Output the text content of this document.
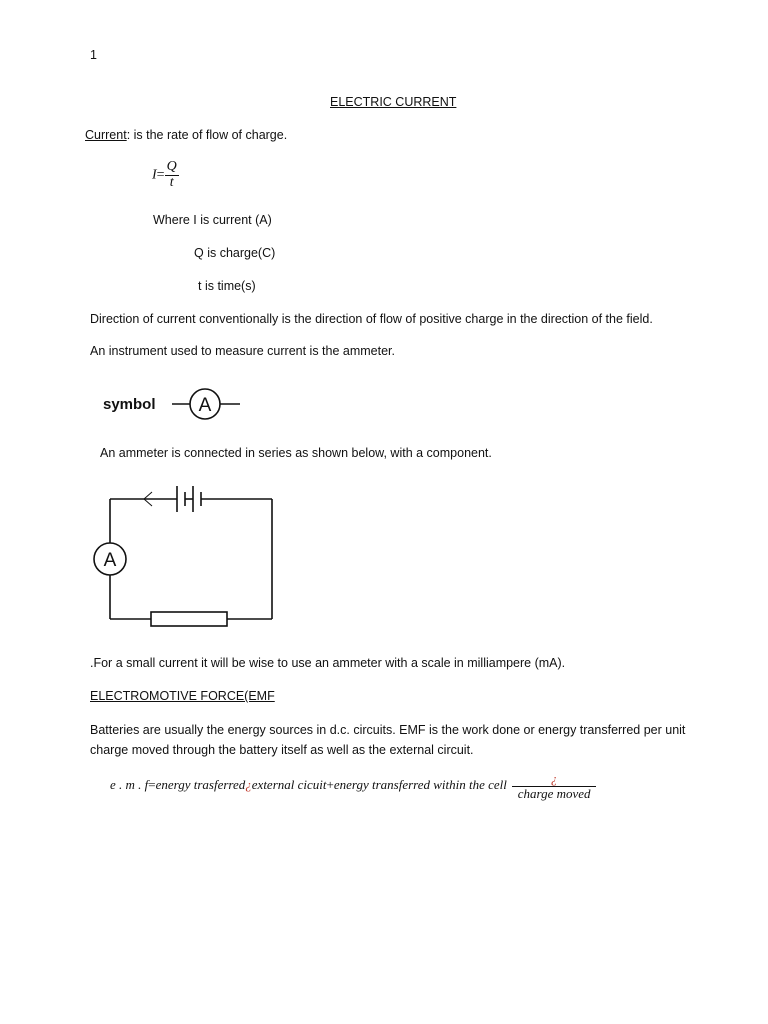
1
ELECTRIC CURRENT
Current: is the rate of flow of charge.
$I= \frac{Q}{t}$
Where I is current (A)
Q is charge(C)
t is time(s)
Direction of current conventionally is the direction of flow of positive charge in the direction of the field.
An instrument used to measure current is the ammeter.
symbol A
An ammeter is connected in series as shown below, with a component.
A
.For a small current it will be wise to use an ammeter with a scale in milliampere (mA).
ELECTROMOTIVE FORCE(EMF
Batteries are usually the energy sources in d.c. circuits. EMF is the work done or energy transferred per unit charge moved through the battery itself as well as the external circuit.
e . m . f=energy trasferred¿external cicuit+energy transferred within the cell $\frac{¿}{\text{charge moved}}$
